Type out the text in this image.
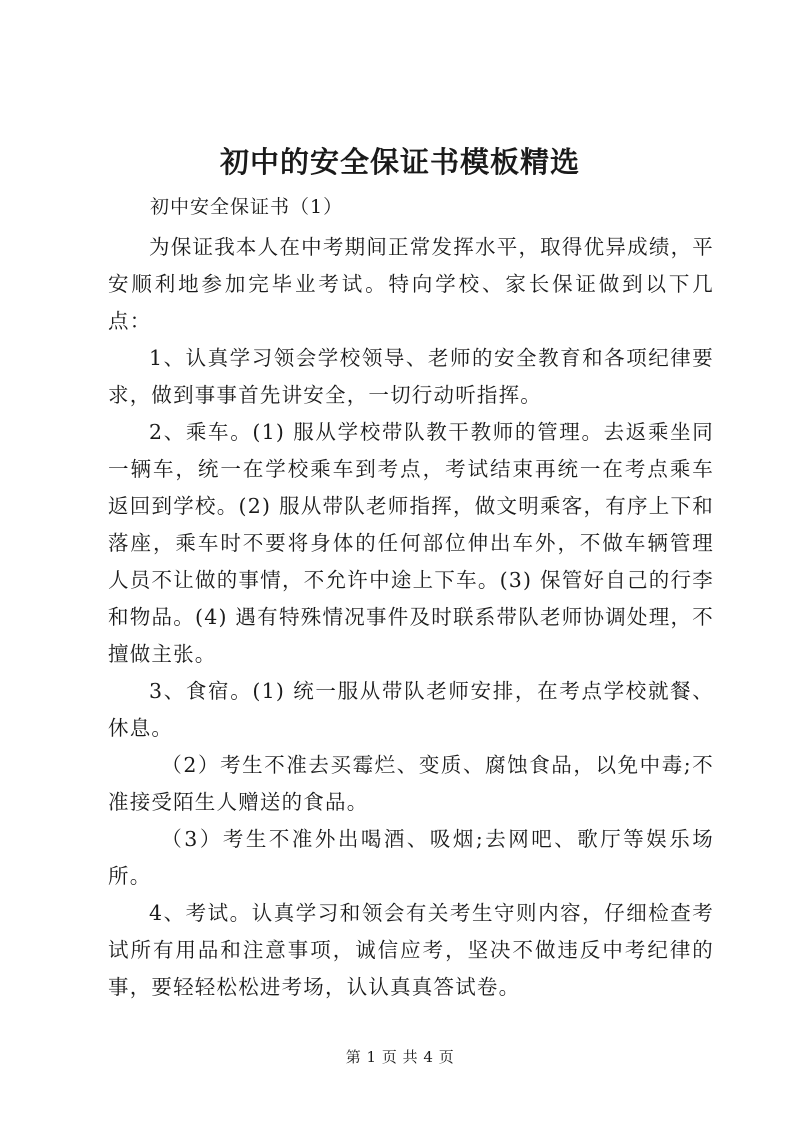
初中的安全保证书模板精选
初中安全保证书（1）

为保证我本人在中考期间正常发挥水平，取得优异成绩，平安顺利地参加完毕业考试。特向学校、家长保证做到以下几点：

1、认真学习领会学校领导、老师的安全教育和各项纪律要求，做到事事首先讲安全，一切行动听指挥。

2、乘车。(1) 服从学校带队教干教师的管理。去返乘坐同一辆车，统一在学校乘车到考点，考试结束再统一在考点乘车返回到学校。(2) 服从带队老师指挥，做文明乘客，有序上下和落座，乘车时不要将身体的任何部位伸出车外，不做车辆管理人员不让做的事情，不允许中途上下车。(3) 保管好自己的行李和物品。(4) 遇有特殊情况事件及时联系带队老师协调处理，不擅做主张。

3、食宿。(1) 统一服从带队老师安排，在考点学校就餐、休息。

（2）考生不准去买霉烂、变质、腐蚀食品，以免中毒;不准接受陌生人赠送的食品。

（3）考生不准外出喝酒、吸烟;去网吧、歌厅等娱乐场所。

4、考试。认真学习和领会有关考生守则内容，仔细检查考试所有用品和注意事项，诚信应考，坚决不做违反中考纪律的事，要轻轻松松进考场，认认真真答试卷。

第 1 页 共 4 页
